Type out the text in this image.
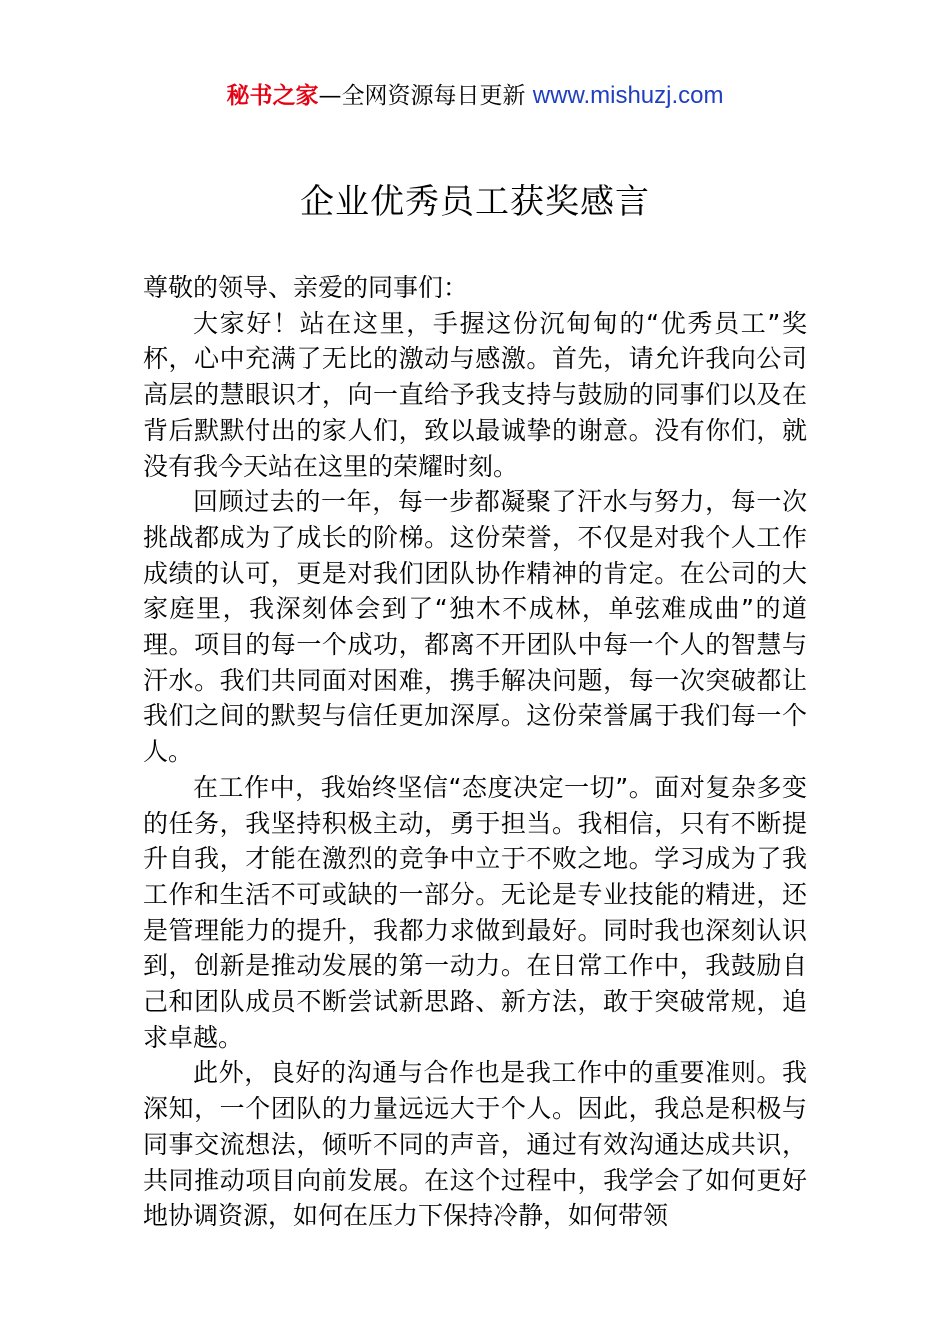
秘书之家—全网资源每日更新 www.mishuzj.com
企业优秀员工获奖感言

尊敬的领导、亲爱的同事们：

大家好！站在这里，手握这份沉甸甸的“优秀员工”奖杯，心中充满了无比的激动与感激。首先，请允许我向公司高层的慧眼识才，向一直给予我支持与鼓励的同事们以及在背后默默付出的家人们，致以最诚挚的谢意。没有你们，就没有我今天站在这里的荣耀时刻。

回顾过去的一年，每一步都凝聚了汗水与努力，每一次挑战都成为了成长的阶梯。这份荣誉，不仅是对我个人工作成绩的认可，更是对我们团队协作精神的肯定。在公司的大家庭里，我深刻体会到了“独木不成林，单弦难成曲”的道理。项目的每一个成功，都离不开团队中每一个人的智慧与汗水。我们共同面对困难，携手解决问题，每一次突破都让我们之间的默契与信任更加深厚。这份荣誉属于我们每一个人。

在工作中，我始终坚信“态度决定一切”。面对复杂多变的任务，我坚持积极主动，勇于担当。我相信，只有不断提升自我，才能在激烈的竞争中立于不败之地。学习成为了我工作和生活不可或缺的一部分。无论是专业技能的精进，还是管理能力的提升，我都力求做到最好。同时我也深刻认识到，创新是推动发展的第一动力。在日常工作中，我鼓励自己和团队成员不断尝试新思路、新方法，敢于突破常规，追求卓越。

此外，良好的沟通与合作也是我工作中的重要准则。我深知，一个团队的力量远远大于个人。因此，我总是积极与同事交流想法，倾听不同的声音，通过有效沟通达成共识，共同推动项目向前发展。在这个过程中，我学会了如何更好地协调资源，如何在压力下保持冷静，如何带领
